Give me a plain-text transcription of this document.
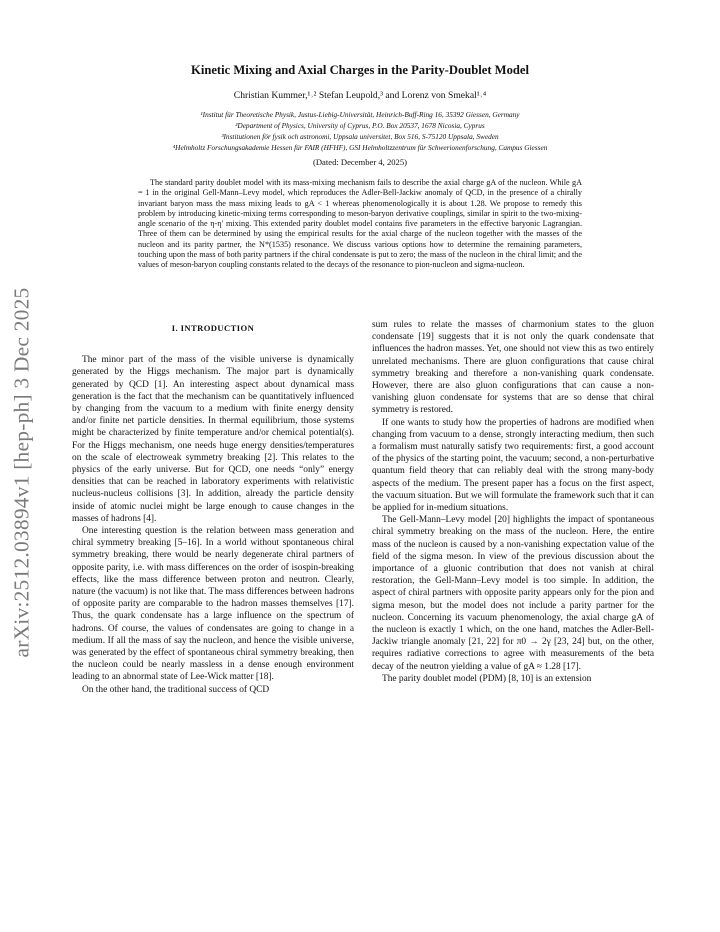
arXiv:2512.03894v1 [hep-ph] 3 Dec 2025
Kinetic Mixing and Axial Charges in the Parity-Doublet Model
Christian Kummer,¹˒² Stefan Leupold,³ and Lorenz von Smekal¹˒⁴
¹Institut für Theoretische Physik, Justus-Liebig-Universität, Heinrich-Buff-Ring 16, 35392 Giessen, Germany
²Department of Physics, University of Cyprus, P.O. Box 20537, 1678 Nicosia, Cyprus
³Institutionen för fysik och astronomi, Uppsala universitet, Box 516, S-75120 Uppsala, Sweden
⁴Helmholtz Forschungsakademie Hessen für FAIR (HFHF), GSI Helmholtzzentrum für Schwerionenforschung, Campus Giessen
(Dated: December 4, 2025)

The standard parity doublet model with its mass-mixing mechanism fails to describe the axial charge gA of the nucleon. While gA = 1 in the original Gell-Mann–Levy model, which reproduces the Adler-Bell-Jackiw anomaly of QCD, in the presence of a chirally invariant baryon mass the mass mixing leads to gA < 1 whereas phenomenologically it is about 1.28. We propose to remedy this problem by introducing kinetic-mixing terms corresponding to meson-baryon derivative couplings, similar in spirit to the two-mixing-angle scenario of the η-η′ mixing. This extended parity doublet model contains five parameters in the effective baryonic Lagrangian. Three of them can be determined by using the empirical results for the axial charge of the nucleon together with the masses of the nucleon and its parity partner, the N*(1535) resonance. We discuss various options how to determine the remaining parameters, touching upon the mass of both parity partners if the chiral condensate is put to zero; the mass of the nucleon in the chiral limit; and the values of meson-baryon coupling constants related to the decays of the resonance to pion-nucleon and sigma-nucleon.

I. INTRODUCTION

The minor part of the mass of the visible universe is dynamically generated by the Higgs mechanism. The major part is dynamically generated by QCD [1]. An interesting aspect about dynamical mass generation is the fact that the mechanism can be quantitatively influenced by changing from the vacuum to a medium with finite energy density and/or finite net particle densities. In thermal equilibrium, those systems might be characterized by finite temperature and/or chemical potential(s). For the Higgs mechanism, one needs huge energy densities/temperatures on the scale of electroweak symmetry breaking [2]. This relates to the physics of the early universe. But for QCD, one needs “only” energy densities that can be reached in laboratory experiments with relativistic nucleus-nucleus collisions [3]. In addition, already the particle density inside of atomic nuclei might be large enough to cause changes in the masses of hadrons [4].

One interesting question is the relation between mass generation and chiral symmetry breaking [5–16]. In a world without spontaneous chiral symmetry breaking, there would be nearly degenerate chiral partners of opposite parity, i.e. with mass differences on the order of isospin-breaking effects, like the mass difference between proton and neutron. Clearly, nature (the vacuum) is not like that. The mass differences between hadrons of opposite parity are comparable to the hadron masses themselves [17]. Thus, the quark condensate has a large influence on the spectrum of hadrons. Of course, the values of condensates are going to change in a medium. If all the mass of say the nucleon, and hence the visible universe, was generated by the effect of spontaneous chiral symmetry breaking, then the nucleon could be nearly massless in a dense enough environment leading to an abnormal state of Lee-Wick matter [18].

On the other hand, the traditional success of QCD

sum rules to relate the masses of charmonium states to the gluon condensate [19] suggests that it is not only the quark condensate that influences the hadron masses. Yet, one should not view this as two entirely unrelated mechanisms. There are gluon configurations that cause chiral symmetry breaking and therefore a non-vanishing quark condensate. However, there are also gluon configurations that can cause a non-vanishing gluon condensate for systems that are so dense that chiral symmetry is restored.

If one wants to study how the properties of hadrons are modified when changing from vacuum to a dense, strongly interacting medium, then such a formalism must naturally satisfy two requirements: first, a good account of the physics of the starting point, the vacuum; second, a non-perturbative quantum field theory that can reliably deal with the strong many-body aspects of the medium. The present paper has a focus on the first aspect, the vacuum situation. But we will formulate the framework such that it can be applied for in-medium situations.

The Gell-Mann–Levy model [20] highlights the impact of spontaneous chiral symmetry breaking on the mass of the nucleon. Here, the entire mass of the nucleon is caused by a non-vanishing expectation value of the field of the sigma meson. In view of the previous discussion about the importance of a gluonic contribution that does not vanish at chiral restoration, the Gell-Mann–Levy model is too simple. In addition, the aspect of chiral partners with opposite parity appears only for the pion and sigma meson, but the model does not include a parity partner for the nucleon. Concerning its vacuum phenomenology, the axial charge gA of the nucleon is exactly 1 which, on the one hand, matches the Adler-Bell-Jackiw triangle anomaly [21, 22] for π0 → 2γ [23, 24] but, on the other, requires radiative corrections to agree with measurements of the beta decay of the neutron yielding a value of gA ≈ 1.28 [17].

The parity doublet model (PDM) [8, 10] is an extension
